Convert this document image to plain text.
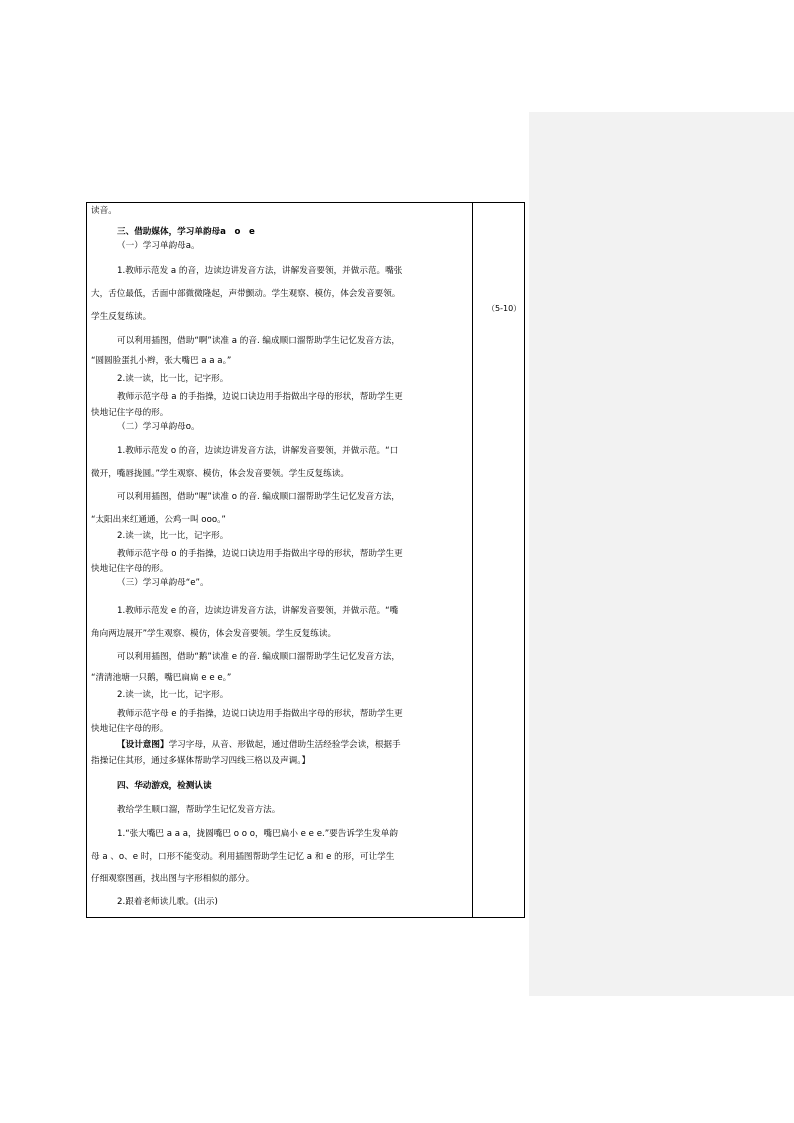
（5-10）
读音。
三、借助媒体，学习单韵母a　o　e
（一）学习单韵母a。
1.教师示范发 a 的音，边读边讲发音方法，讲解发音要领，并做示范。嘴张
大，舌位最低，舌面中部微微隆起，声带颤动。学生观察、模仿，体会发音要领。
学生反复练读。
可以利用插图，借助“啊”读准 a 的音. 编成顺口溜帮助学生记忆发音方法，
“圆圆脸蛋扎小辫，张大嘴巴 a a a。”
2.读一读，比一比，记字形。
教师示范字母 a 的手指操，边说口诀边用手指做出字母的形状，帮助学生更
快地记住字母的形。
（二）学习单韵母o。
1.教师示范发 o 的音，边读边讲发音方法，讲解发音要领，并做示范。“口
微开，嘴唇拢圆。”学生观察、模仿，体会发音要领。学生反复练读。
可以利用插图，借助“喔”读准 o 的音. 编成顺口溜帮助学生记忆发音方法，
“太阳出来红通通，公鸡一叫 ooo。”
2.读一读，比一比，记字形。
教师示范字母 o 的手指操，边说口诀边用手指做出字母的形状，帮助学生更
快地记住字母的形。
（三）学习单韵母“e”。
1.教师示范发 e 的音，边读边讲发音方法，讲解发音要领，并做示范。“嘴
角向两边展开”学生观察、模仿，体会发音要领。学生反复练读。
可以利用插图，借助“鹅”读准 e 的音. 编成顺口溜帮助学生记忆发音方法，
“清清池塘一只鹅，嘴巴扁扁 e e e。”
2.读一读，比一比，记字形。
教师示范字母 e 的手指操，边说口诀边用手指做出字母的形状，帮助学生更
快地记住字母的形。
【设计意图】学习字母，从音、形做起，通过借助生活经验学会读，根据手
指操记住其形，通过多媒体帮助学习四线三格以及声调。】
四、华动游戏，检测认读
教给学生顺口溜，帮助学生记忆发音方法。
1.“张大嘴巴 a a a，拢圆嘴巴 o o o，嘴巴扁小 e e e.”要告诉学生发单韵
母 a 、o、e 时，口形不能变动。利用插图帮助学生记忆 a 和 e 的形，可让学生
仔细观察图画，找出图与字形相似的部分。
2.跟着老师读儿歌。(出示)
